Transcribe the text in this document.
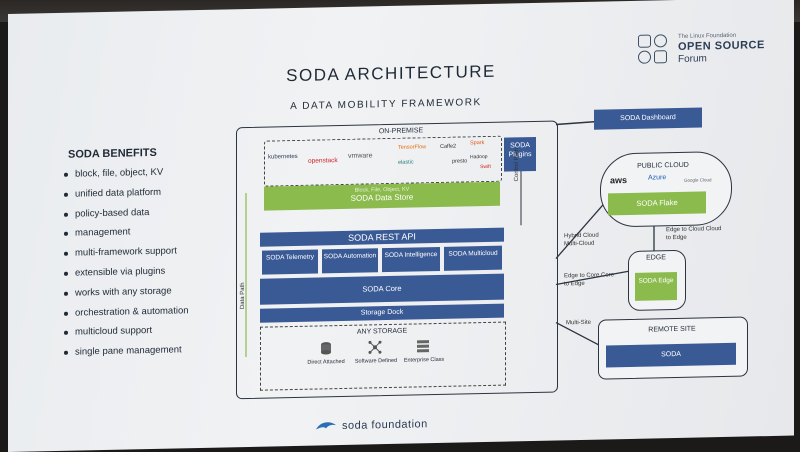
The Linux Foundation
OPEN SOURCE
Forum
SODA ARCHITECTURE
A DATA MOBILITY FRAMEWORK
SODA BENEFITS
block, file, object, KV
unified data platform
policy-based data
management
multi-framework support
extensible via plugins
works with any storage
orchestration & automation
multicloud support
single pane management
ON-PREMISE
kubernetes openstack
vmware
TensorFlow	Caffe2
Spark
elastic	presto
Hadoop
Swift
SODA Plugins
Block, File, Object, KV
SODA Data Store
Control Path
Data Path
SODA REST API
SODA Telemetry	SODA Automation	SODA Intelligence	SODA Multicloud
SODA Core
Storage Dock
ANY STORAGE
Direct Attached	Software Defined	Enterprise Class
SODA Dashboard
PUBLIC CLOUD
aws	Azure	Google Cloud
SODA Flake
EDGE
SODA Edge
REMOTE SITE
SODA
Hybrid Cloud Multi-Cloud
Edge to Cloud Cloud to Edge
Edge to Core Core to Edge
Multi-Site
soda foundation
